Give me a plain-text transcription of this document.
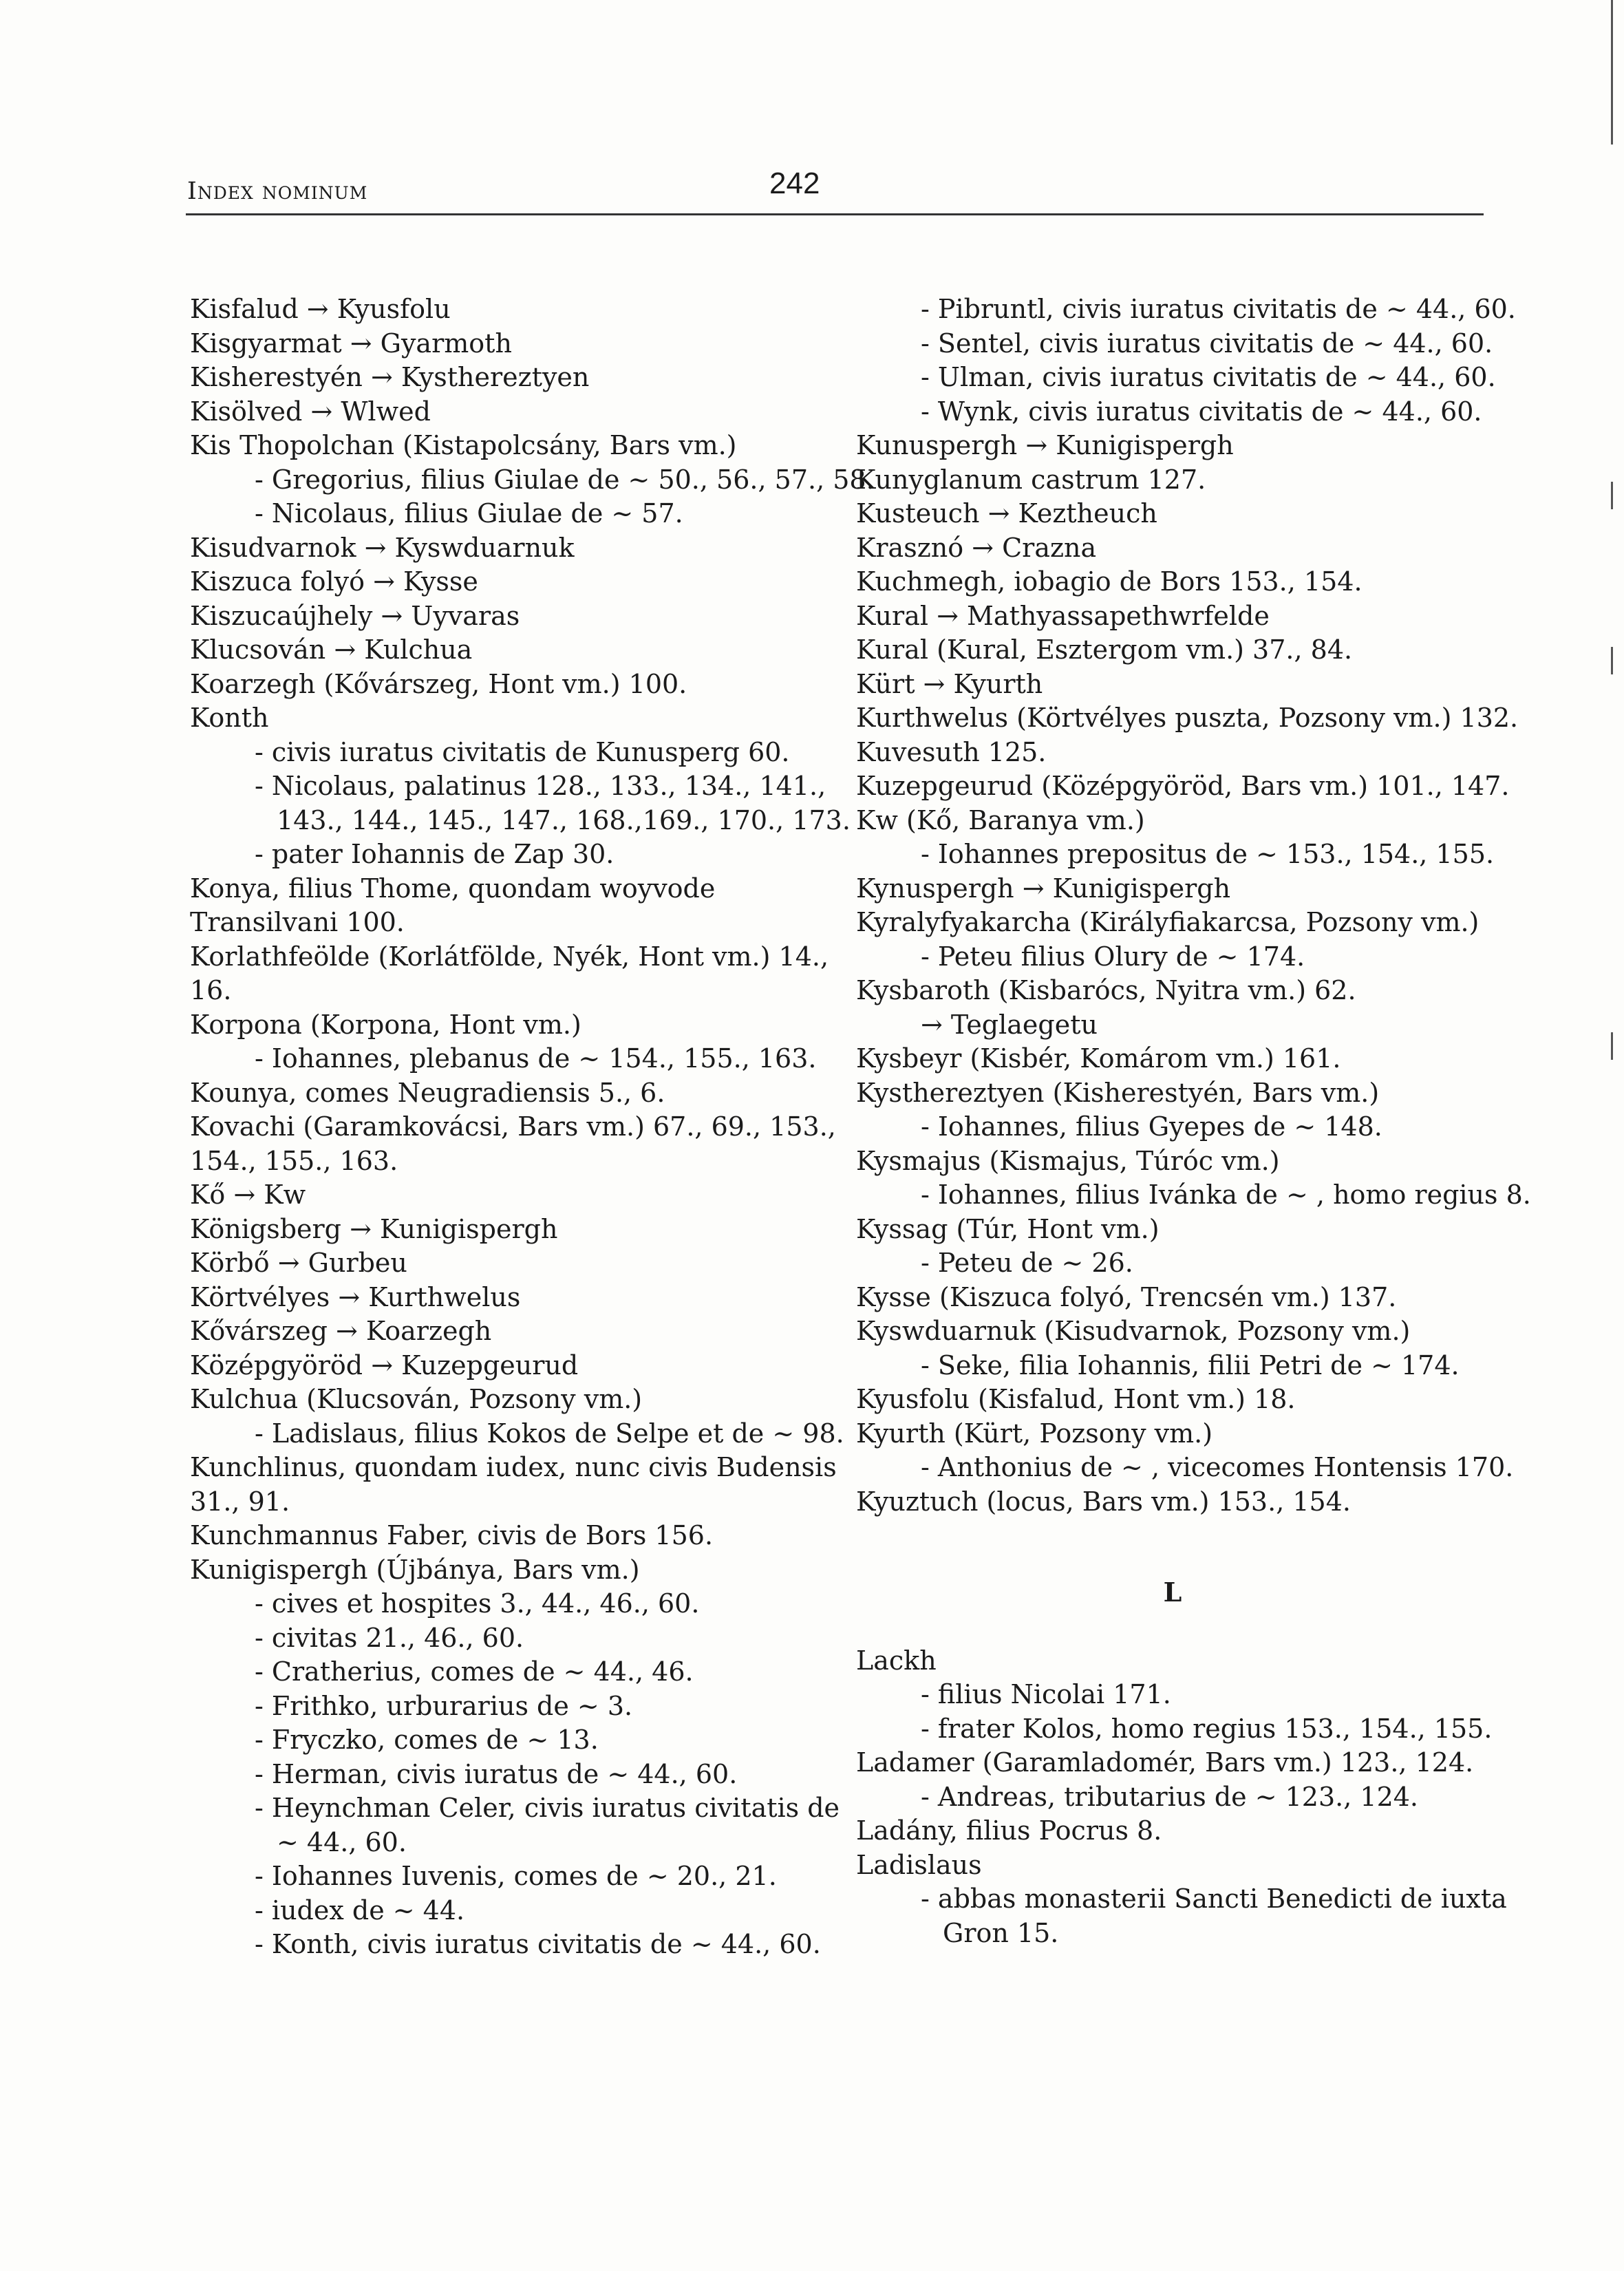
Index nominum	242
Kisfalud → Kyusfolu
Kisgyarmat → Gyarmoth
Kisherestyén → Kysthereztyen
Kisölved → Wlwed
Kis Thopolchan (Kistapolcsány, Bars vm.)
- Gregorius, filius Giulae de ~ 50., 56., 57., 58.
- Nicolaus, filius Giulae de ~ 57.
Kisudvarnok → Kyswduarnuk
Kiszuca folyó → Kysse
Kiszucaújhely → Uyvaras
Klucsován → Kulchua
Koarzegh (Kővárszeg, Hont vm.) 100.
Konth
- civis iuratus civitatis de Kunusperg 60.
- Nicolaus, palatinus 128., 133., 134., 141.,
143., 144., 145., 147., 168.,169., 170., 173.
- pater Iohannis de Zap 30.
Konya, filius Thome, quondam woyvode
Transilvani 100.
Korlathfeölde (Korlátfölde, Nyék, Hont vm.) 14.,
16.
Korpona (Korpona, Hont vm.)
- Iohannes, plebanus de ~ 154., 155., 163.
Kounya, comes Neugradiensis 5., 6.
Kovachi (Garamkovácsi, Bars vm.) 67., 69., 153.,
154., 155., 163.
Kő → Kw
Königsberg → Kunigispergh
Körbő → Gurbeu
Körtvélyes → Kurthwelus
Kővárszeg → Koarzegh
Középgyöröd → Kuzepgeurud
Kulchua (Klucsován, Pozsony vm.)
- Ladislaus, filius Kokos de Selpe et de ~ 98.
Kunchlinus, quondam iudex, nunc civis Budensis
31., 91.
Kunchmannus Faber, civis de Bors 156.
Kunigispergh (Újbánya, Bars vm.)
- cives et hospites 3., 44., 46., 60.
- civitas 21., 46., 60.
- Cratherius, comes de ~ 44., 46.
- Frithko, urburarius de ~ 3.
- Fryczko, comes de ~ 13.
- Herman, civis iuratus de ~ 44., 60.
- Heynchman Celer, civis iuratus civitatis de
~ 44., 60.
- Iohannes Iuvenis, comes de ~ 20., 21.
- iudex de ~ 44.
- Konth, civis iuratus civitatis de ~ 44., 60.
- Pibruntl, civis iuratus civitatis de ~ 44., 60.
- Sentel, civis iuratus civitatis de ~ 44., 60.
- Ulman, civis iuratus civitatis de ~ 44., 60.
- Wynk, civis iuratus civitatis de ~ 44., 60.
Kunuspergh → Kunigispergh
Kunyglanum castrum 127.
Kusteuch → Keztheuch
Krasznó → Crazna
Kuchmegh, iobagio de Bors 153., 154.
Kural → Mathyassapethwrfelde
Kural (Kural, Esztergom vm.) 37., 84.
Kürt → Kyurth
Kurthwelus (Körtvélyes puszta, Pozsony vm.) 132.
Kuvesuth 125.
Kuzepgeurud (Középgyöröd, Bars vm.) 101., 147.
Kw (Kő, Baranya vm.)
- Iohannes prepositus de ~ 153., 154., 155.
Kynuspergh → Kunigispergh
Kyralyfyakarcha (Királyfiakarcsa, Pozsony vm.)
- Peteu filius Olury de ~ 174.
Kysbaroth (Kisbarócs, Nyitra vm.) 62.
→ Teglaegetu
Kysbeyr (Kisbér, Komárom vm.) 161.
Kysthereztyen (Kisherestyén, Bars vm.)
- Iohannes, filius Gyepes de ~ 148.
Kysmajus (Kismajus, Túróc vm.)
- Iohannes, filius Ivánka de ~ , homo regius 8.
Kyssag (Túr, Hont vm.)
- Peteu de ~ 26.
Kysse (Kiszuca folyó, Trencsén vm.) 137.
Kyswduarnuk (Kisudvarnok, Pozsony vm.)
- Seke, filia Iohannis, filii Petri de ~ 174.
Kyusfolu (Kisfalud, Hont vm.) 18.
Kyurth (Kürt, Pozsony vm.)
- Anthonius de ~ , vicecomes Hontensis 170.
Kyuztuch (locus, Bars vm.) 153., 154.
L
Lackh
- filius Nicolai 171.
- frater Kolos, homo regius 153., 154., 155.
Ladamer (Garamladomér, Bars vm.) 123., 124.
- Andreas, tributarius de ~ 123., 124.
Ladány, filius Pocrus 8.
Ladislaus
- abbas monasterii Sancti Benedicti de iuxta
Gron 15.
